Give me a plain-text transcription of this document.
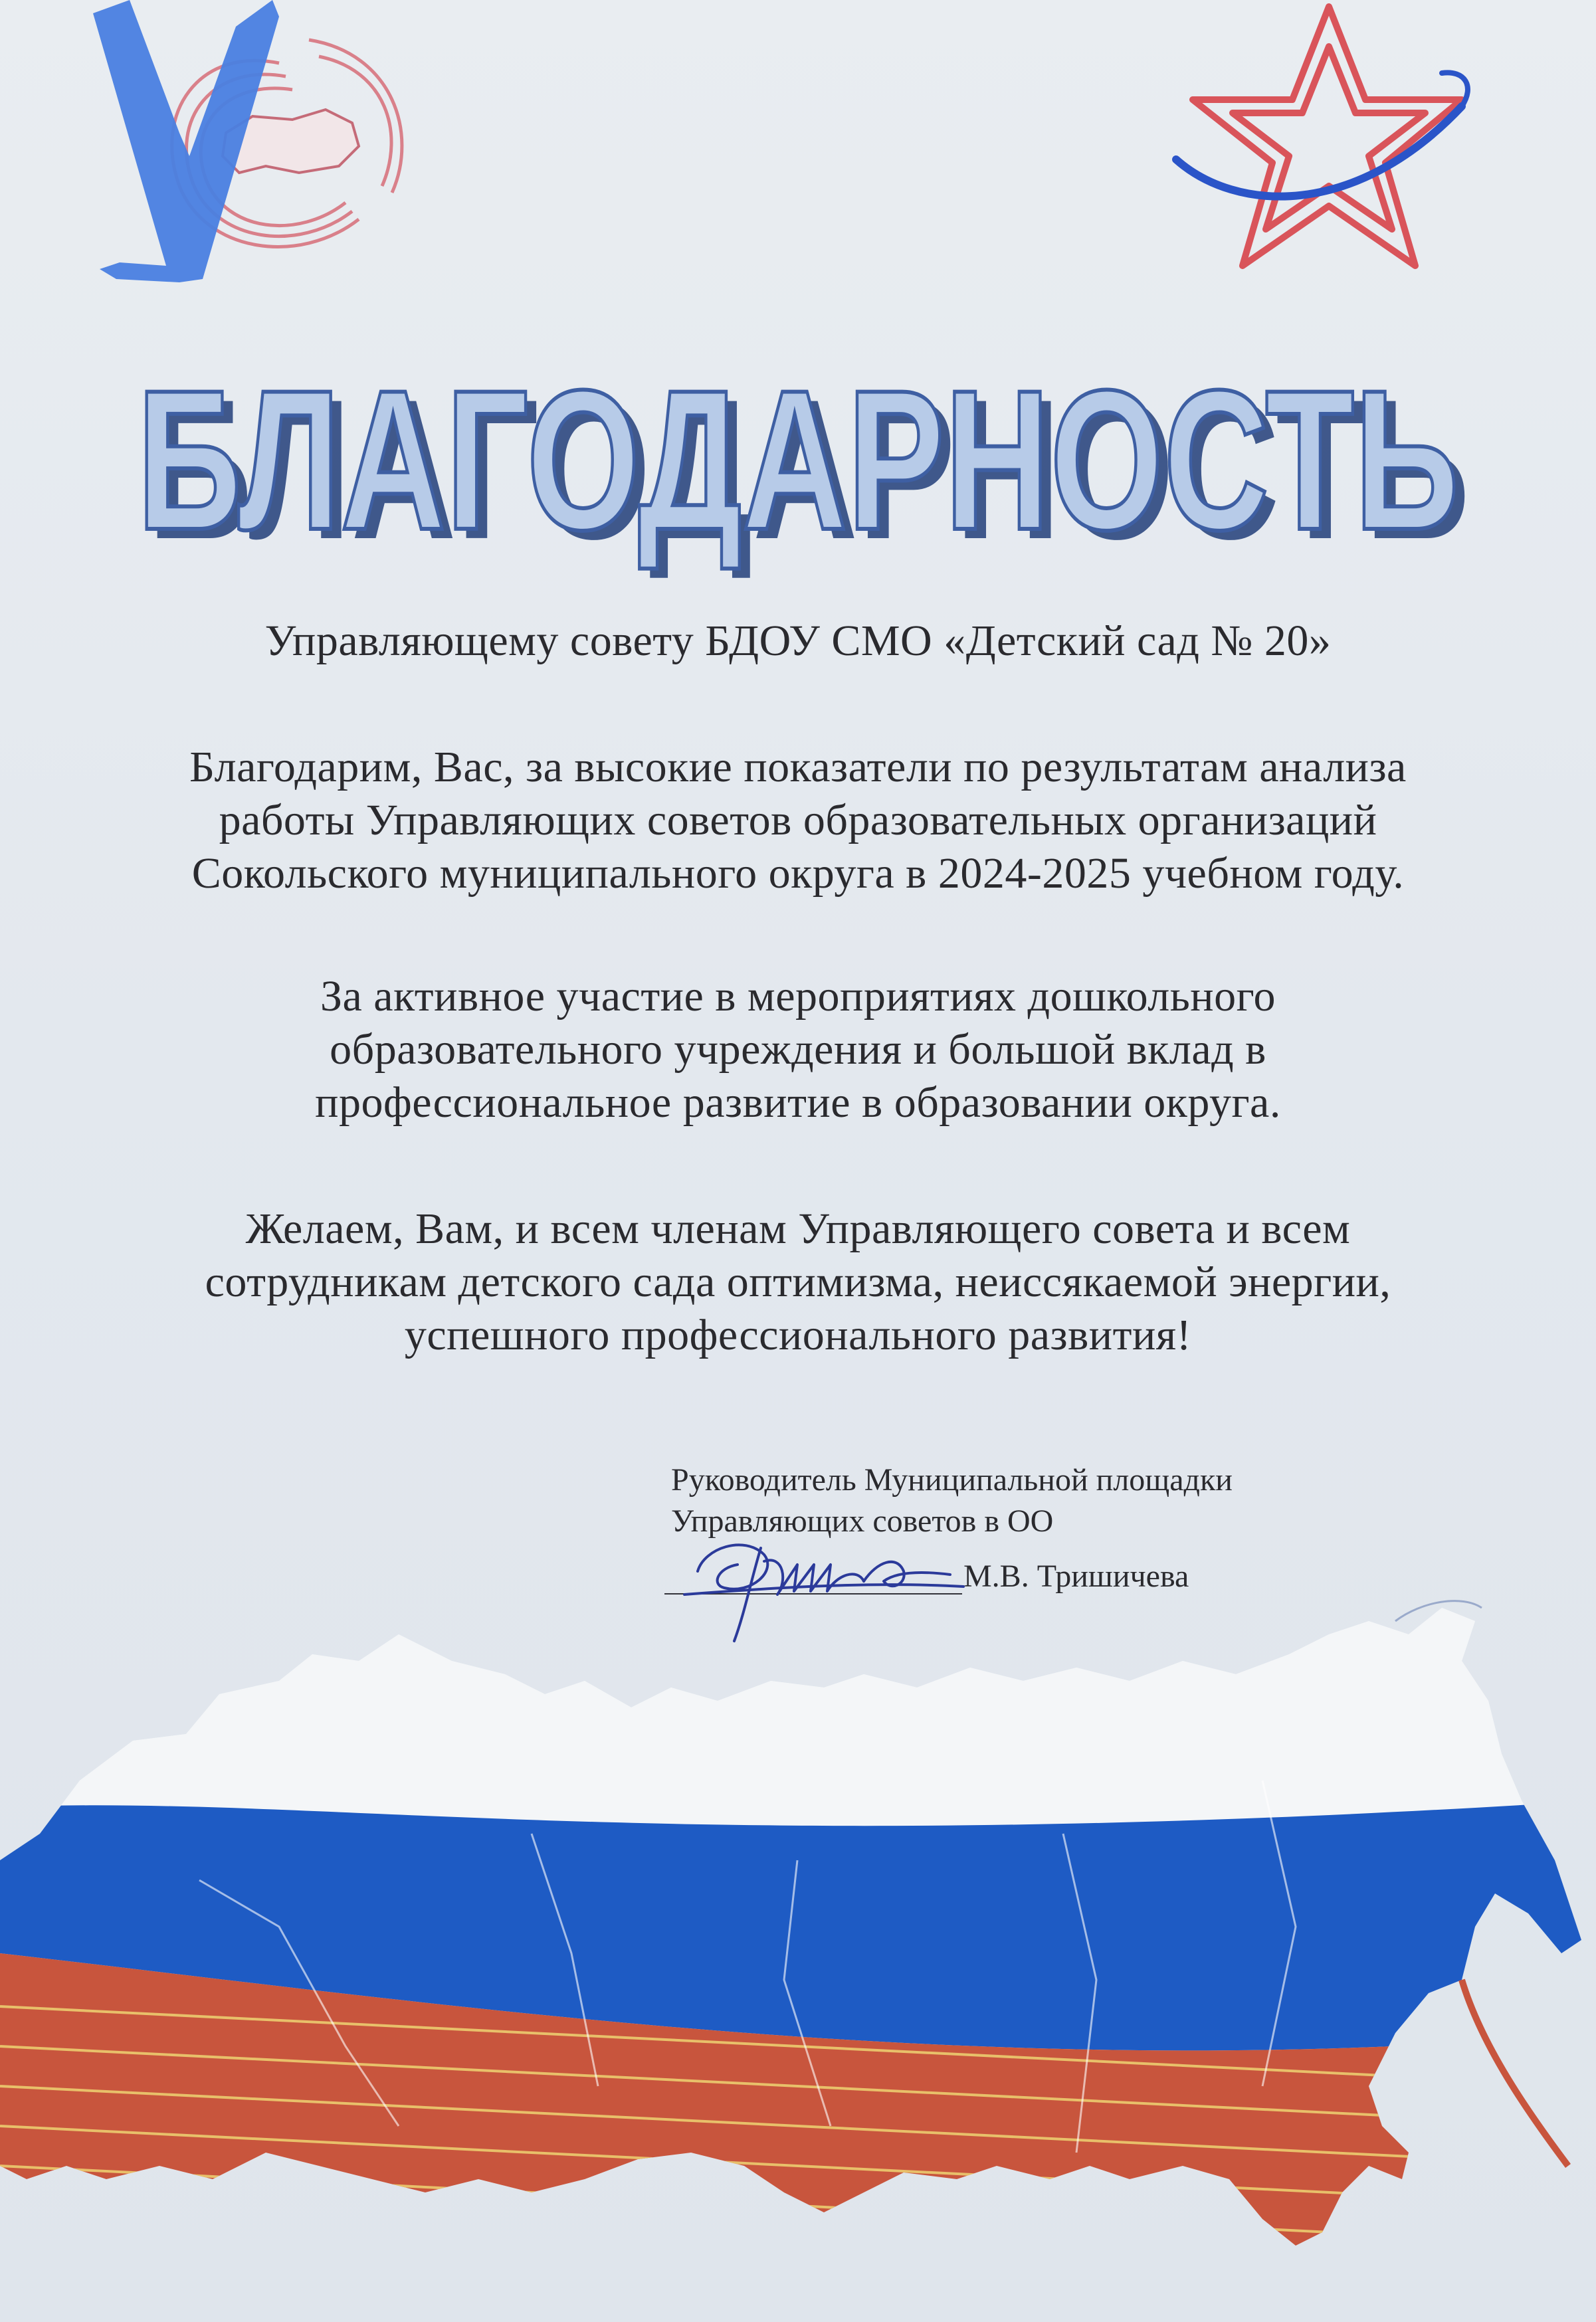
БЛАГОДАРНОСТЬ
БЛАГОДАРНОСТЬ
Управляющему совету БДОУ СМО «Детский сад № 20»

Благодарим, Вас, за высокие показатели по результатам анализа

работы Управляющих советов образовательных организаций

Сокольского муниципального округа в 2024-2025 учебном году.

За активное участие в мероприятиях дошкольного

образовательного учреждения и большой вклад в

профессиональное развитие в образовании округа.

Желаем, Вам, и всем членам Управляющего совета и всем

сотрудникам детского сада оптимизма, неиссякаемой энергии,

успешного профессионального развития!

Руководитель Муниципальной площадки
Управляющих советов в ОО
М.В. Тришичева
